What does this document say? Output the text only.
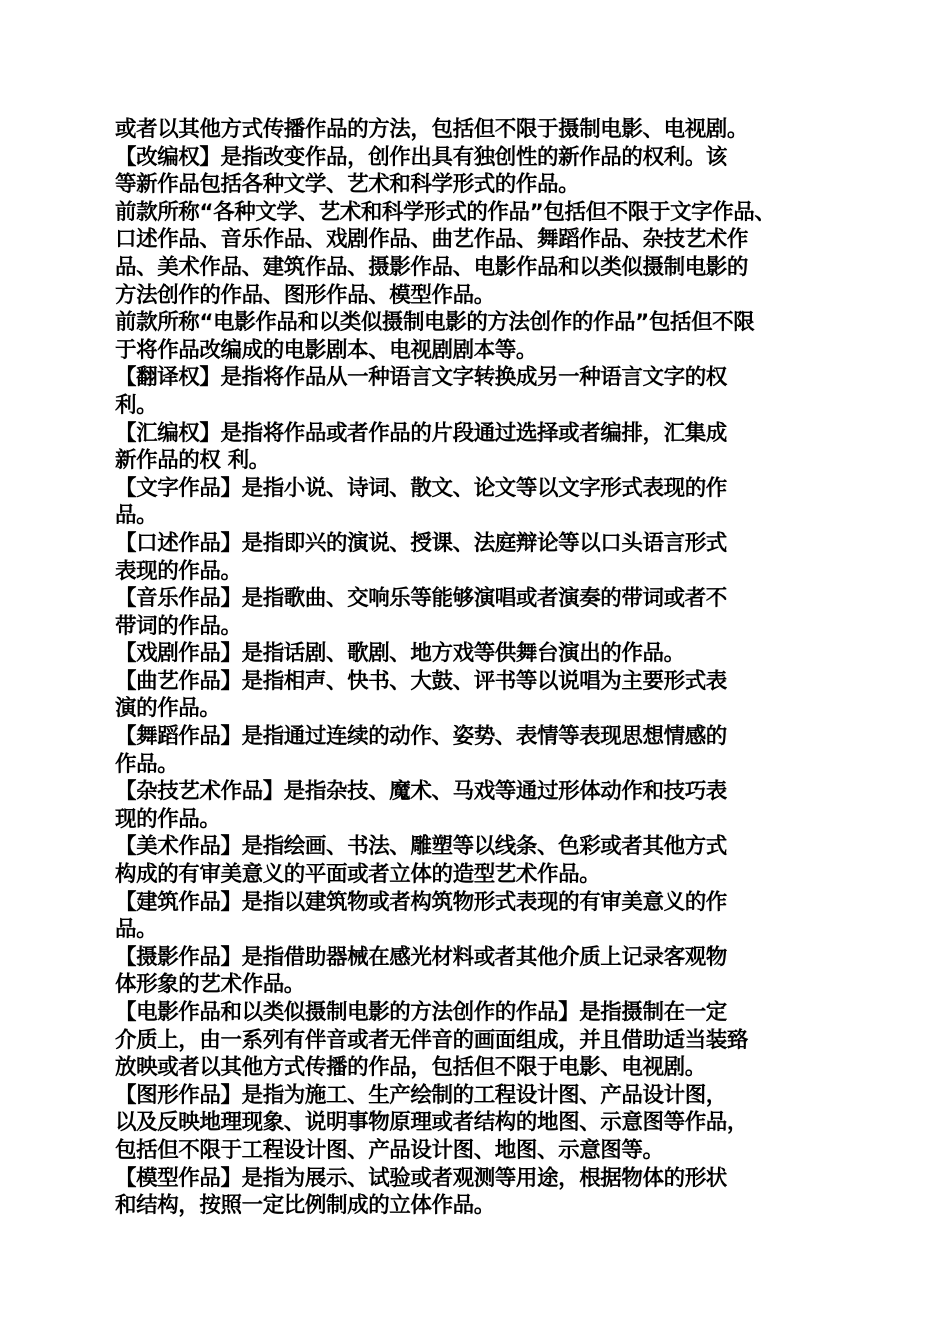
或者以其他方式传播作品的方法，包括但不限于摄制电影、电视剧。
【改编权】是指改变作品，创作出具有独创性的新作品的权利。该
等新作品包括各种文学、艺术和科学形式的作品。
前款所称“各种文学、艺术和科学形式的作品”包括但不限于文字作品、
口述作品、音乐作品、戏剧作品、曲艺作品、舞蹈作品、杂技艺术作
品、美术作品、建筑作品、摄影作品、电影作品和以类似摄制电影的
方法创作的作品、图形作品、模型作品。
前款所称“电影作品和以类似摄制电影的方法创作的作品”包括但不限
于将作品改编成的电影剧本、电视剧剧本等。
【翻译权】是指将作品从一种语言文字转换成另一种语言文字的权
利。
【汇编权】是指将作品或者作品的片段通过选择或者编排，汇集成
新作品的权 利。
【文字作品】是指小说、诗词、散文、论文等以文字形式表现的作
品。
【口述作品】是指即兴的演说、授课、法庭辩论等以口头语言形式
表现的作品。
【音乐作品】是指歌曲、交响乐等能够演唱或者演奏的带词或者不
带词的作品。
【戏剧作品】是指话剧、歌剧、地方戏等供舞台演出的作品。
【曲艺作品】是指相声、快书、大鼓、评书等以说唱为主要形式表
演的作品。
【舞蹈作品】是指通过连续的动作、姿势、表情等表现思想情感的
作品。
【杂技艺术作品】是指杂技、魔术、马戏等通过形体动作和技巧表
现的作品。
【美术作品】是指绘画、书法、雕塑等以线条、色彩或者其他方式
构成的有审美意义的平面或者立体的造型艺术作品。
【建筑作品】是指以建筑物或者构筑物形式表现的有审美意义的作
品。
【摄影作品】是指借助器械在感光材料或者其他介质上记录客观物
体形象的艺术作品。
【电影作品和以类似摄制电影的方法创作的作品】是指摄制在一定
介质上，由一系列有伴音或者无伴音的画面组成，并且借助适当装臵
放映或者以其他方式传播的作品，包括但不限于电影、电视剧。
【图形作品】是指为施工、生产绘制的工程设计图、产品设计图，
以及反映地理现象、说明事物原理或者结构的地图、示意图等作品，
包括但不限于工程设计图、产品设计图、地图、示意图等。
【模型作品】是指为展示、试验或者观测等用途，根据物体的形状
和结构，按照一定比例制成的立体作品。
